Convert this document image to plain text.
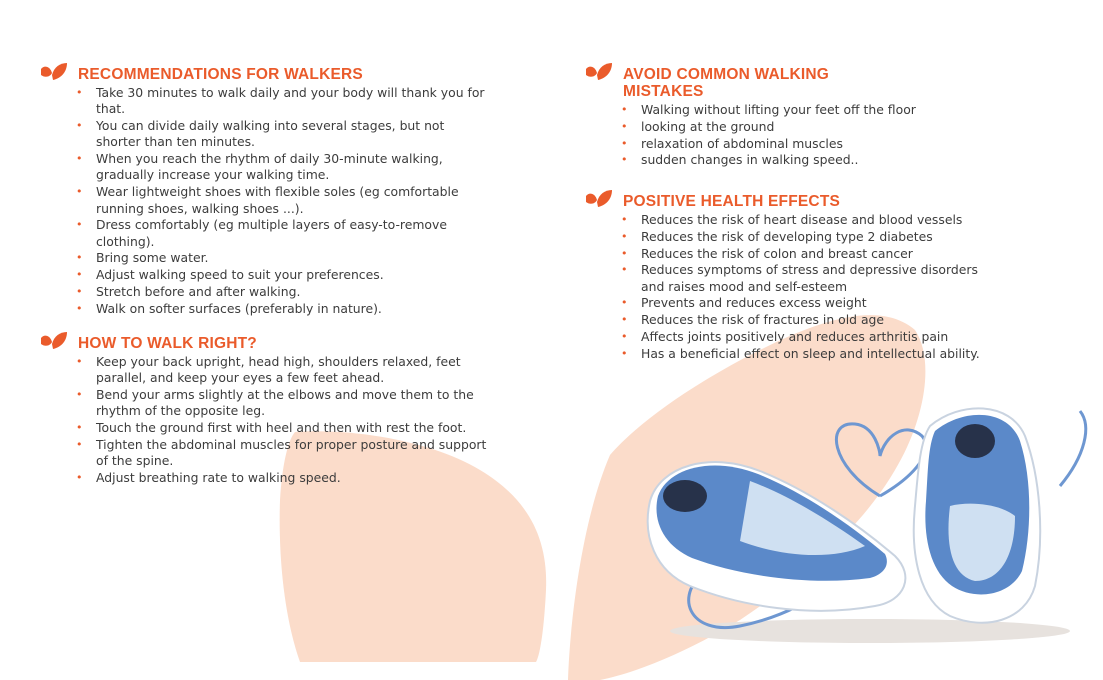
RECOMMENDATIONS FOR WALKERS
• Take 30 minutes to walk daily and your body will thank you for that.
• You can divide daily walking into several stages, but not shorter than ten minutes.
• When you reach the rhythm of daily 30-minute walking, gradually increase your walking time.
• Wear lightweight shoes with flexible soles (eg comfortable running shoes, walking shoes ...).
• Dress comfortably (eg multiple layers of easy-to-remove clothing).
• Bring some water.
• Adjust walking speed to suit your preferences.
• Stretch before and after walking.
• Walk on softer surfaces (preferably in nature).
HOW TO WALK RIGHT?
• Keep your back upright, head high, shoulders relaxed, feet parallel, and keep your eyes a few feet ahead.
• Bend your arms slightly at the elbows and move them to the rhythm of the opposite leg.
• Touch the ground first with heel and then with rest the foot.
• Tighten the abdominal muscles for proper posture and support of the spine.
• Adjust breathing rate to walking speed.
AVOID COMMON WALKING
MISTAKES
• Walking without lifting your feet off the floor
• looking at the ground
• relaxation of abdominal muscles
• sudden changes in walking speed..
POSITIVE HEALTH EFFECTS
• Reduces the risk of heart disease and blood vessels
• Reduces the risk of developing type 2 diabetes
• Reduces the risk of colon and breast cancer
• Reduces symptoms of stress and depressive disorders and raises mood and self-esteem
• Prevents and reduces excess weight
• Reduces the risk of fractures in old age
• Affects joints positively and reduces arthritis pain
• Has a beneficial effect on sleep and intellectual ability.
